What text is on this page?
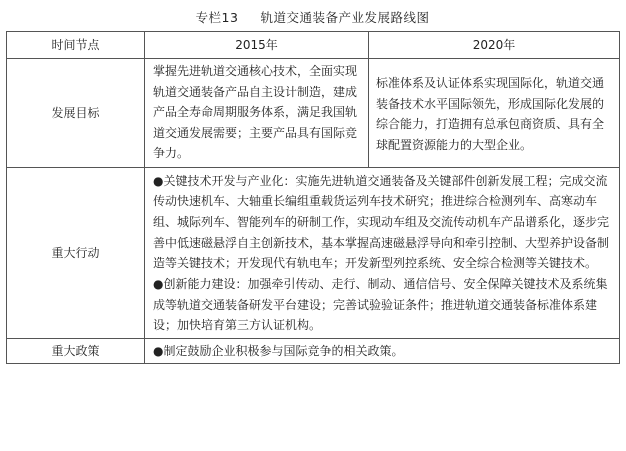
专栏13 轨道交通装备产业发展路线图
时间节点	2015年	2020年
发展目标	掌握先进轨道交通核心技术，全面实现轨道交通装备产品自主设计制造，建成产品全寿命周期服务体系，满足我国轨道交通发展需要；主要产品具有国际竞争力。	标准体系及认证体系实现国际化，轨道交通装备技术水平国际领先，形成国际化发展的综合能力，打造拥有总承包商资质、具有全球配置资源能力的大型企业。
重大行动	●关键技术开发与产业化：实施先进轨道交通装备及关键部件创新发展工程；完成交流传动快速机车、大轴重长编组重载货运列车技术研究；推进综合检测列车、高寒动车组、城际列车、智能列车的研制工作，实现动车组及交流传动机车产品谱系化，逐步完善中低速磁悬浮自主创新技术，基本掌握高速磁悬浮导向和牵引控制、大型养护设备制造等关键技术；开发现代有轨电车；开发新型列控系统、安全综合检测等关键技术。
●创新能力建设：加强牵引传动、走行、制动、通信信号、安全保障关键技术及系统集成等轨道交通装备研发平台建设；完善试验验证条件；推进轨道交通装备标准体系建设；加快培育第三方认证机构。	

重大政策	●制定鼓励企业积极参与国际竞争的相关政策。	
